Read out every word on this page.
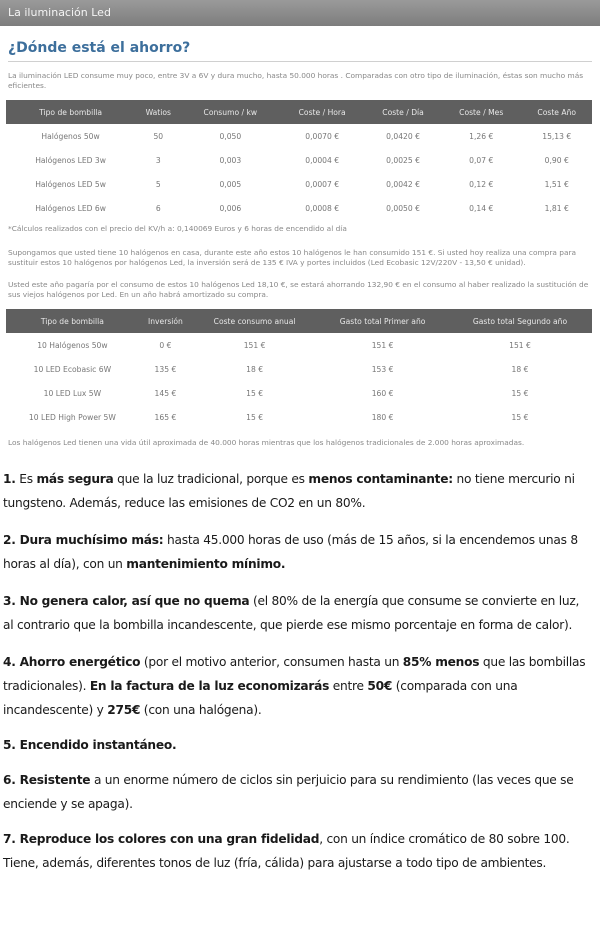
La iluminación Led
¿Dónde está el ahorro?

La iluminación LED consume muy poco, entre 3V a 6V y dura mucho, hasta 50.000 horas . Comparadas con otro tipo de iluminación, éstas son mucho más eficientes.

Tipo de bombilla	Watios	Consumo / kw	Coste / Hora	Coste / Día	Coste / Mes	Coste Año
Halógenos 50w	50	0,050	0,0070 €	0,0420 €	1,26 €	15,13 €
Halógenos LED 3w	3	0,003	0,0004 €	0,0025 €	0,07 €	0,90 €
Halógenos LED 5w	5	0,005	0,0007 €	0,0042 €	0,12 €	1,51 €
Halógenos LED 6w	6	0,006	0,0008 €	0,0050 €	0,14 €	1,81 €

*Cálculos realizados con el precio del KV/h a: 0,140069 Euros y 6 horas de encendido al día

Supongamos que usted tiene 10 halógenos en casa, durante este año estos 10 halógenos le han consumido 151 €. Si usted hoy realiza una compra para sustituir estos 10 halógenos por halógenos Led, la inversión será de 135 € IVA y portes incluidos (Led Ecobasic 12V/220V - 13,50 € unidad).

Usted este año pagaría por el consumo de estos 10 halógenos Led 18,10 €, se estará ahorrando 132,90 € en el consumo al haber realizado la sustitución de sus viejos halógenos por Led. En un año habrá amortizado su compra.

Tipo de bombilla	Inversión	Coste consumo anual	Gasto total Primer año	Gasto total Segundo año
10 Halógenos 50w	0 €	151 €	151 €	151 €
10 LED Ecobasic 6W	135 €	18 €	153 €	18 €
10 LED Lux 5W	145 €	15 €	160 €	15 €
10 LED High Power 5W	165 €	15 €	180 €	15 €

Los halógenos Led tienen una vida útil aproximada de 40.000 horas mientras que los halógenos tradicionales de 2.000 horas aproximadas.

1. Es más segura que la luz tradicional, porque es menos contaminante: no tiene mercurio ni tungsteno. Además, reduce las emisiones de CO2 en un 80%.

2. Dura muchísimo más: hasta 45.000 horas de uso (más de 15 años, si la encendemos unas 8 horas al día), con un mantenimiento mínimo.

3. No genera calor, así que no quema (el 80% de la energía que consume se convierte en luz, al contrario que la bombilla incandescente, que pierde ese mismo porcentaje en forma de calor).

4. Ahorro energético (por el motivo anterior, consumen hasta un 85% menos que las bombillas tradicionales). En la factura de la luz economizarás entre 50€ (comparada con una incandescente) y 275€ (con una halógena).

5. Encendido instantáneo.

6. Resistente a un enorme número de ciclos sin perjuicio para su rendimiento (las veces que se enciende y se apaga).

7. Reproduce los colores con una gran fidelidad, con un índice cromático de 80 sobre 100. Tiene, además, diferentes tonos de luz (fría, cálida) para ajustarse a todo tipo de ambientes.
